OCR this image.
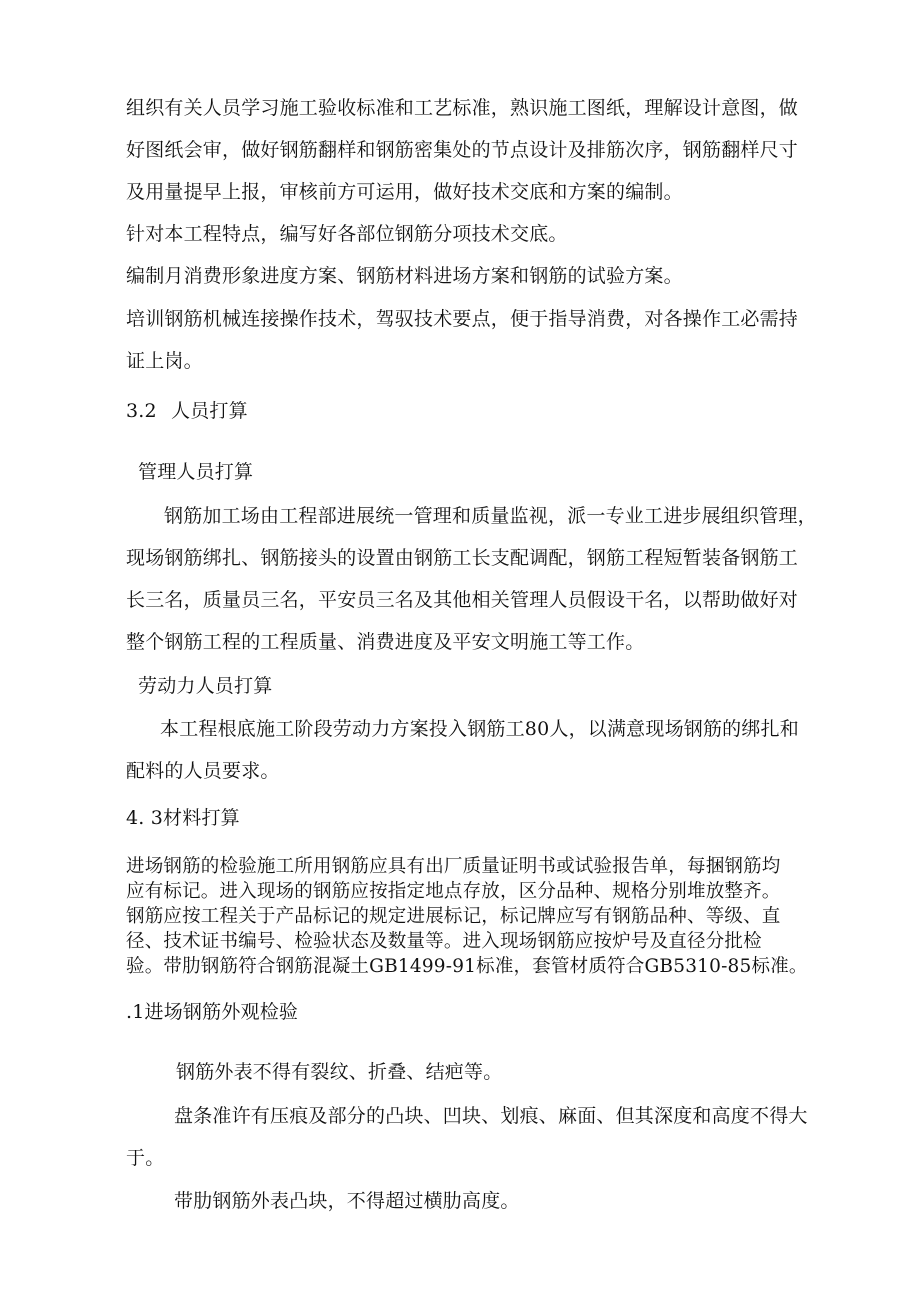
组织有关人员学习施工验收标准和工艺标准，熟识施工图纸，理解设计意图，做
好图纸会审，做好钢筋翻样和钢筋密集处的节点设计及排筋次序，钢筋翻样尺寸
及用量提早上报，审核前方可运用，做好技术交底和方案的编制。
针对本工程特点，编写好各部位钢筋分项技术交底。
编制月消费形象进度方案、钢筋材料进场方案和钢筋的试验方案。
培训钢筋机械连接操作技术，驾驭技术要点，便于指导消费，对各操作工必需持
证上岗。
3.2 人员打算
管理人员打算
钢筋加工场由工程部进展统一管理和质量监视，派一专业工进步展组织管理，
现场钢筋绑扎、钢筋接头的设置由钢筋工长支配调配，钢筋工程短暂装备钢筋工
长三名，质量员三名，平安员三名及其他相关管理人员假设干名，以帮助做好对
整个钢筋工程的工程质量、消费进度及平安文明施工等工作。
劳动力人员打算
本工程根底施工阶段劳动力方案投入钢筋工80人，以满意现场钢筋的绑扎和
配料的人员要求。
4. 3材料打算
进场钢筋的检验施工所用钢筋应具有出厂质量证明书或试验报告单，每捆钢筋均
应有标记。进入现场的钢筋应按指定地点存放，区分品种、规格分别堆放整齐。
钢筋应按工程关于产品标记的规定进展标记，标记牌应写有钢筋品种、等级、直
径、技术证书编号、检验状态及数量等。进入现场钢筋应按炉号及直径分批检
验。带肋钢筋符合钢筋混凝土GB1499-91标准，套管材质符合GB5310-85标准。
.1进场钢筋外观检验
钢筋外表不得有裂纹、折叠、结疤等。
盘条准许有压痕及部分的凸块、凹块、划痕、麻面、但其深度和高度不得大
于。
带肋钢筋外表凸块，不得超过横肋高度。
